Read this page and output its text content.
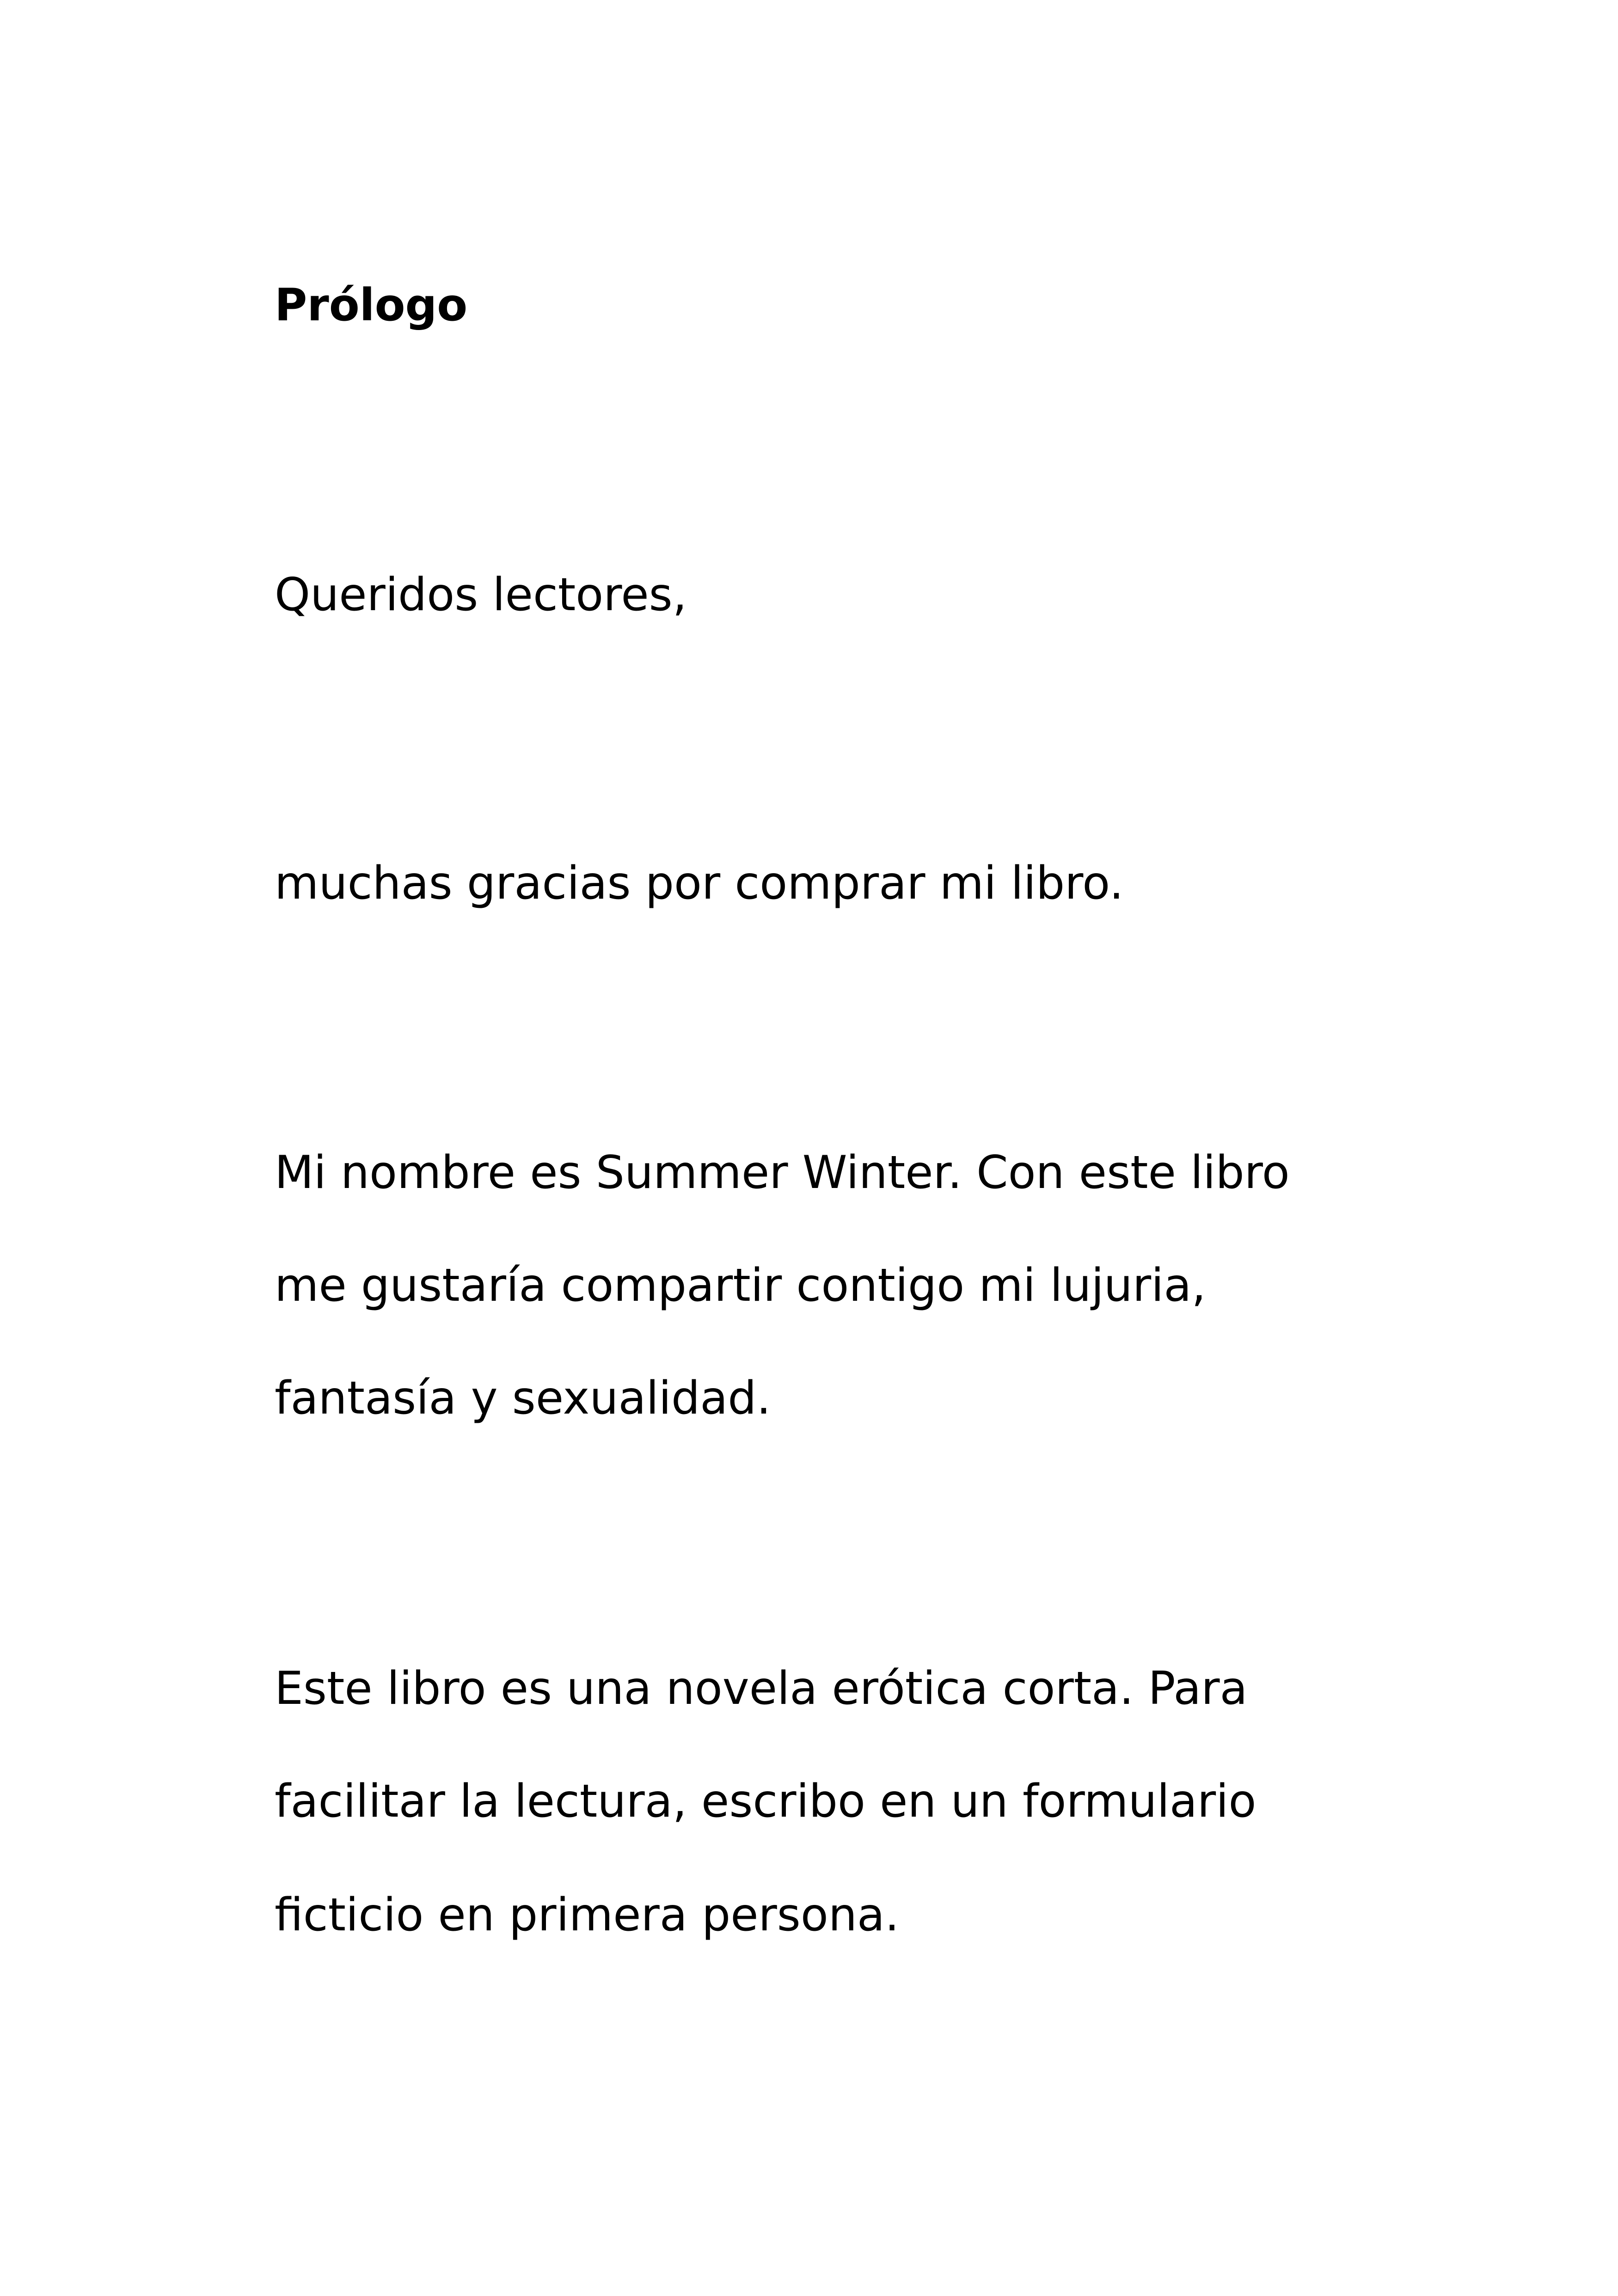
Prólogo

Queridos lectores,

muchas gracias por comprar mi libro.

Mi nombre es Summer Winter. Con este libro

me gustaría compartir contigo mi lujuria,

fantasía y sexualidad.

Este libro es una novela erótica corta. Para

facilitar la lectura, escribo en un formulario

ficticio en primera persona.
